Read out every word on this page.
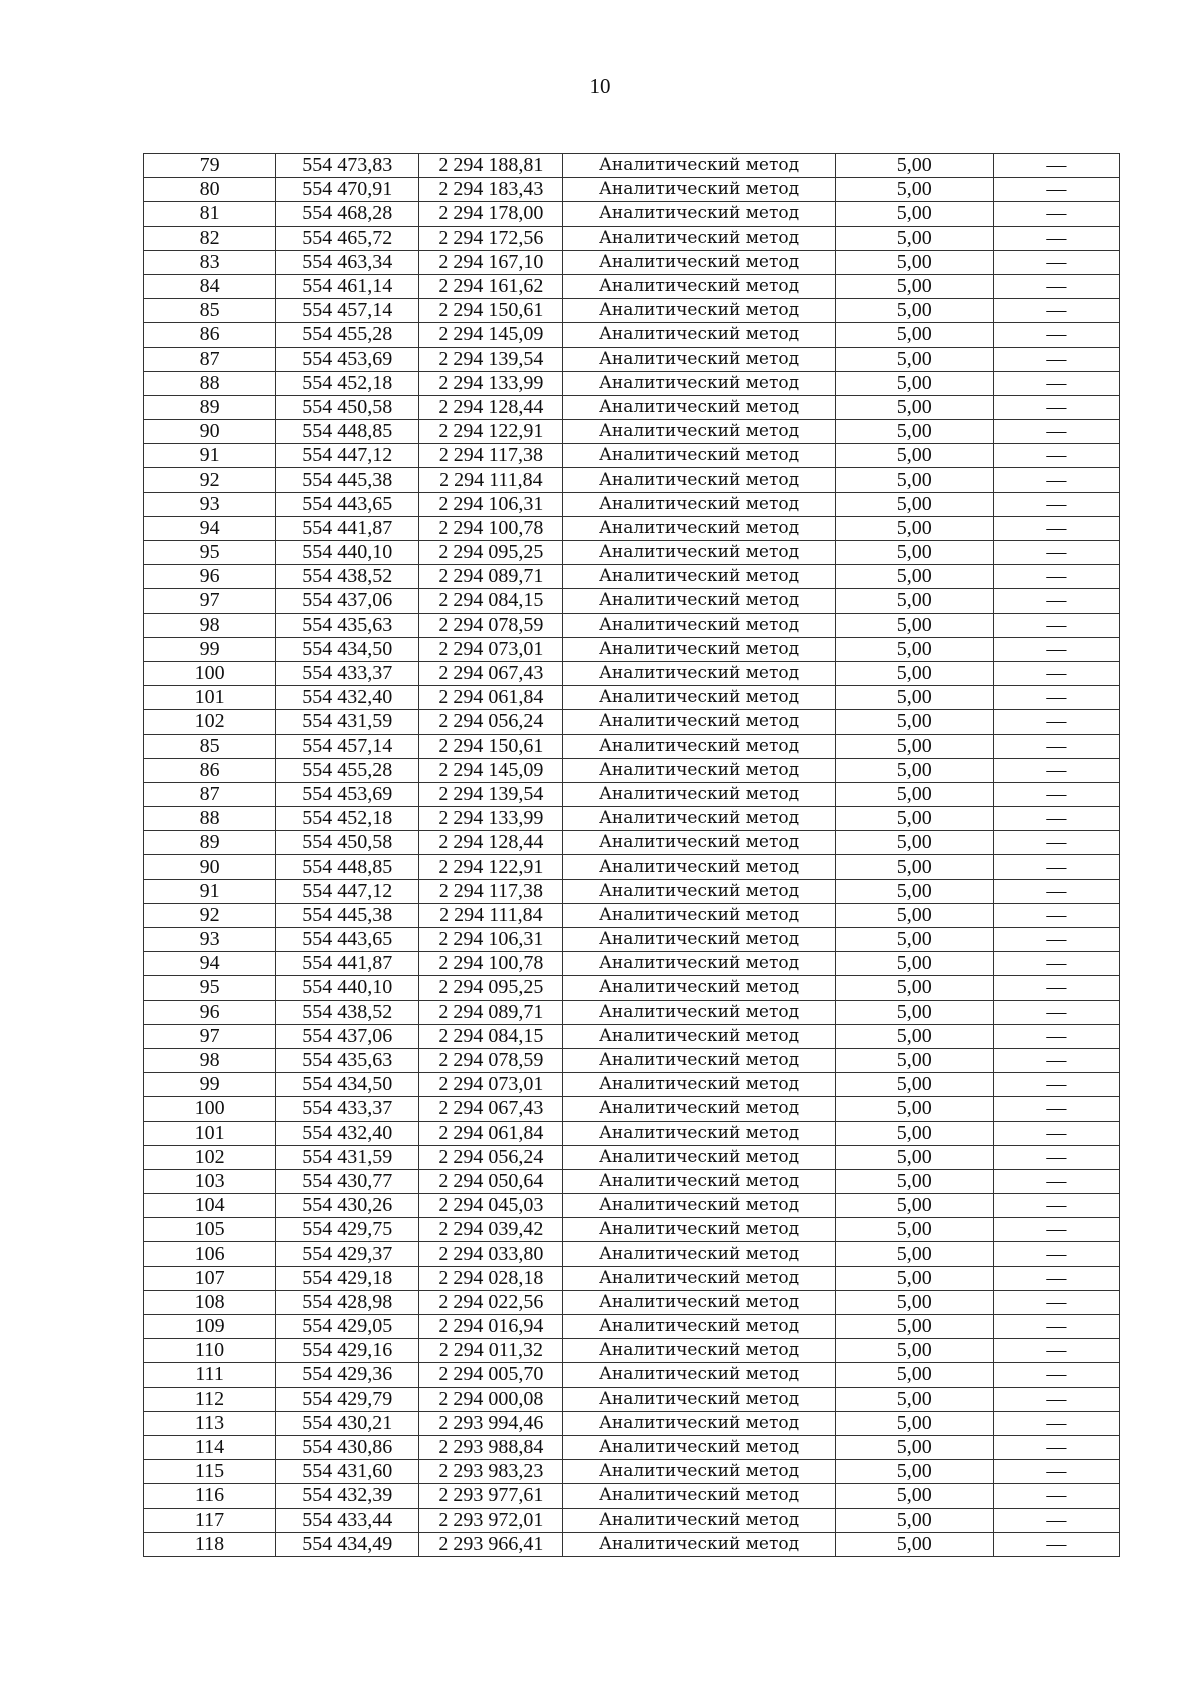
10
79	554 473,83	2 294 188,81	Аналитический метод	5,00	—
80	554 470,91	2 294 183,43	Аналитический метод	5,00	—
81	554 468,28	2 294 178,00	Аналитический метод	5,00	—
82	554 465,72	2 294 172,56	Аналитический метод	5,00	—
83	554 463,34	2 294 167,10	Аналитический метод	5,00	—
84	554 461,14	2 294 161,62	Аналитический метод	5,00	—
85	554 457,14	2 294 150,61	Аналитический метод	5,00	—
86	554 455,28	2 294 145,09	Аналитический метод	5,00	—
87	554 453,69	2 294 139,54	Аналитический метод	5,00	—
88	554 452,18	2 294 133,99	Аналитический метод	5,00	—
89	554 450,58	2 294 128,44	Аналитический метод	5,00	—
90	554 448,85	2 294 122,91	Аналитический метод	5,00	—
91	554 447,12	2 294 117,38	Аналитический метод	5,00	—
92	554 445,38	2 294 111,84	Аналитический метод	5,00	—
93	554 443,65	2 294 106,31	Аналитический метод	5,00	—
94	554 441,87	2 294 100,78	Аналитический метод	5,00	—
95	554 440,10	2 294 095,25	Аналитический метод	5,00	—
96	554 438,52	2 294 089,71	Аналитический метод	5,00	—
97	554 437,06	2 294 084,15	Аналитический метод	5,00	—
98	554 435,63	2 294 078,59	Аналитический метод	5,00	—
99	554 434,50	2 294 073,01	Аналитический метод	5,00	—
100	554 433,37	2 294 067,43	Аналитический метод	5,00	—
101	554 432,40	2 294 061,84	Аналитический метод	5,00	—
102	554 431,59	2 294 056,24	Аналитический метод	5,00	—
85	554 457,14	2 294 150,61	Аналитический метод	5,00	—
86	554 455,28	2 294 145,09	Аналитический метод	5,00	—
87	554 453,69	2 294 139,54	Аналитический метод	5,00	—
88	554 452,18	2 294 133,99	Аналитический метод	5,00	—
89	554 450,58	2 294 128,44	Аналитический метод	5,00	—
90	554 448,85	2 294 122,91	Аналитический метод	5,00	—
91	554 447,12	2 294 117,38	Аналитический метод	5,00	—
92	554 445,38	2 294 111,84	Аналитический метод	5,00	—
93	554 443,65	2 294 106,31	Аналитический метод	5,00	—
94	554 441,87	2 294 100,78	Аналитический метод	5,00	—
95	554 440,10	2 294 095,25	Аналитический метод	5,00	—
96	554 438,52	2 294 089,71	Аналитический метод	5,00	—
97	554 437,06	2 294 084,15	Аналитический метод	5,00	—
98	554 435,63	2 294 078,59	Аналитический метод	5,00	—
99	554 434,50	2 294 073,01	Аналитический метод	5,00	—
100	554 433,37	2 294 067,43	Аналитический метод	5,00	—
101	554 432,40	2 294 061,84	Аналитический метод	5,00	—
102	554 431,59	2 294 056,24	Аналитический метод	5,00	—
103	554 430,77	2 294 050,64	Аналитический метод	5,00	—
104	554 430,26	2 294 045,03	Аналитический метод	5,00	—
105	554 429,75	2 294 039,42	Аналитический метод	5,00	—
106	554 429,37	2 294 033,80	Аналитический метод	5,00	—
107	554 429,18	2 294 028,18	Аналитический метод	5,00	—
108	554 428,98	2 294 022,56	Аналитический метод	5,00	—
109	554 429,05	2 294 016,94	Аналитический метод	5,00	—
110	554 429,16	2 294 011,32	Аналитический метод	5,00	—
111	554 429,36	2 294 005,70	Аналитический метод	5,00	—
112	554 429,79	2 294 000,08	Аналитический метод	5,00	—
113	554 430,21	2 293 994,46	Аналитический метод	5,00	—
114	554 430,86	2 293 988,84	Аналитический метод	5,00	—
115	554 431,60	2 293 983,23	Аналитический метод	5,00	—
116	554 432,39	2 293 977,61	Аналитический метод	5,00	—
117	554 433,44	2 293 972,01	Аналитический метод	5,00	—
118	554 434,49	2 293 966,41	Аналитический метод	5,00	—
